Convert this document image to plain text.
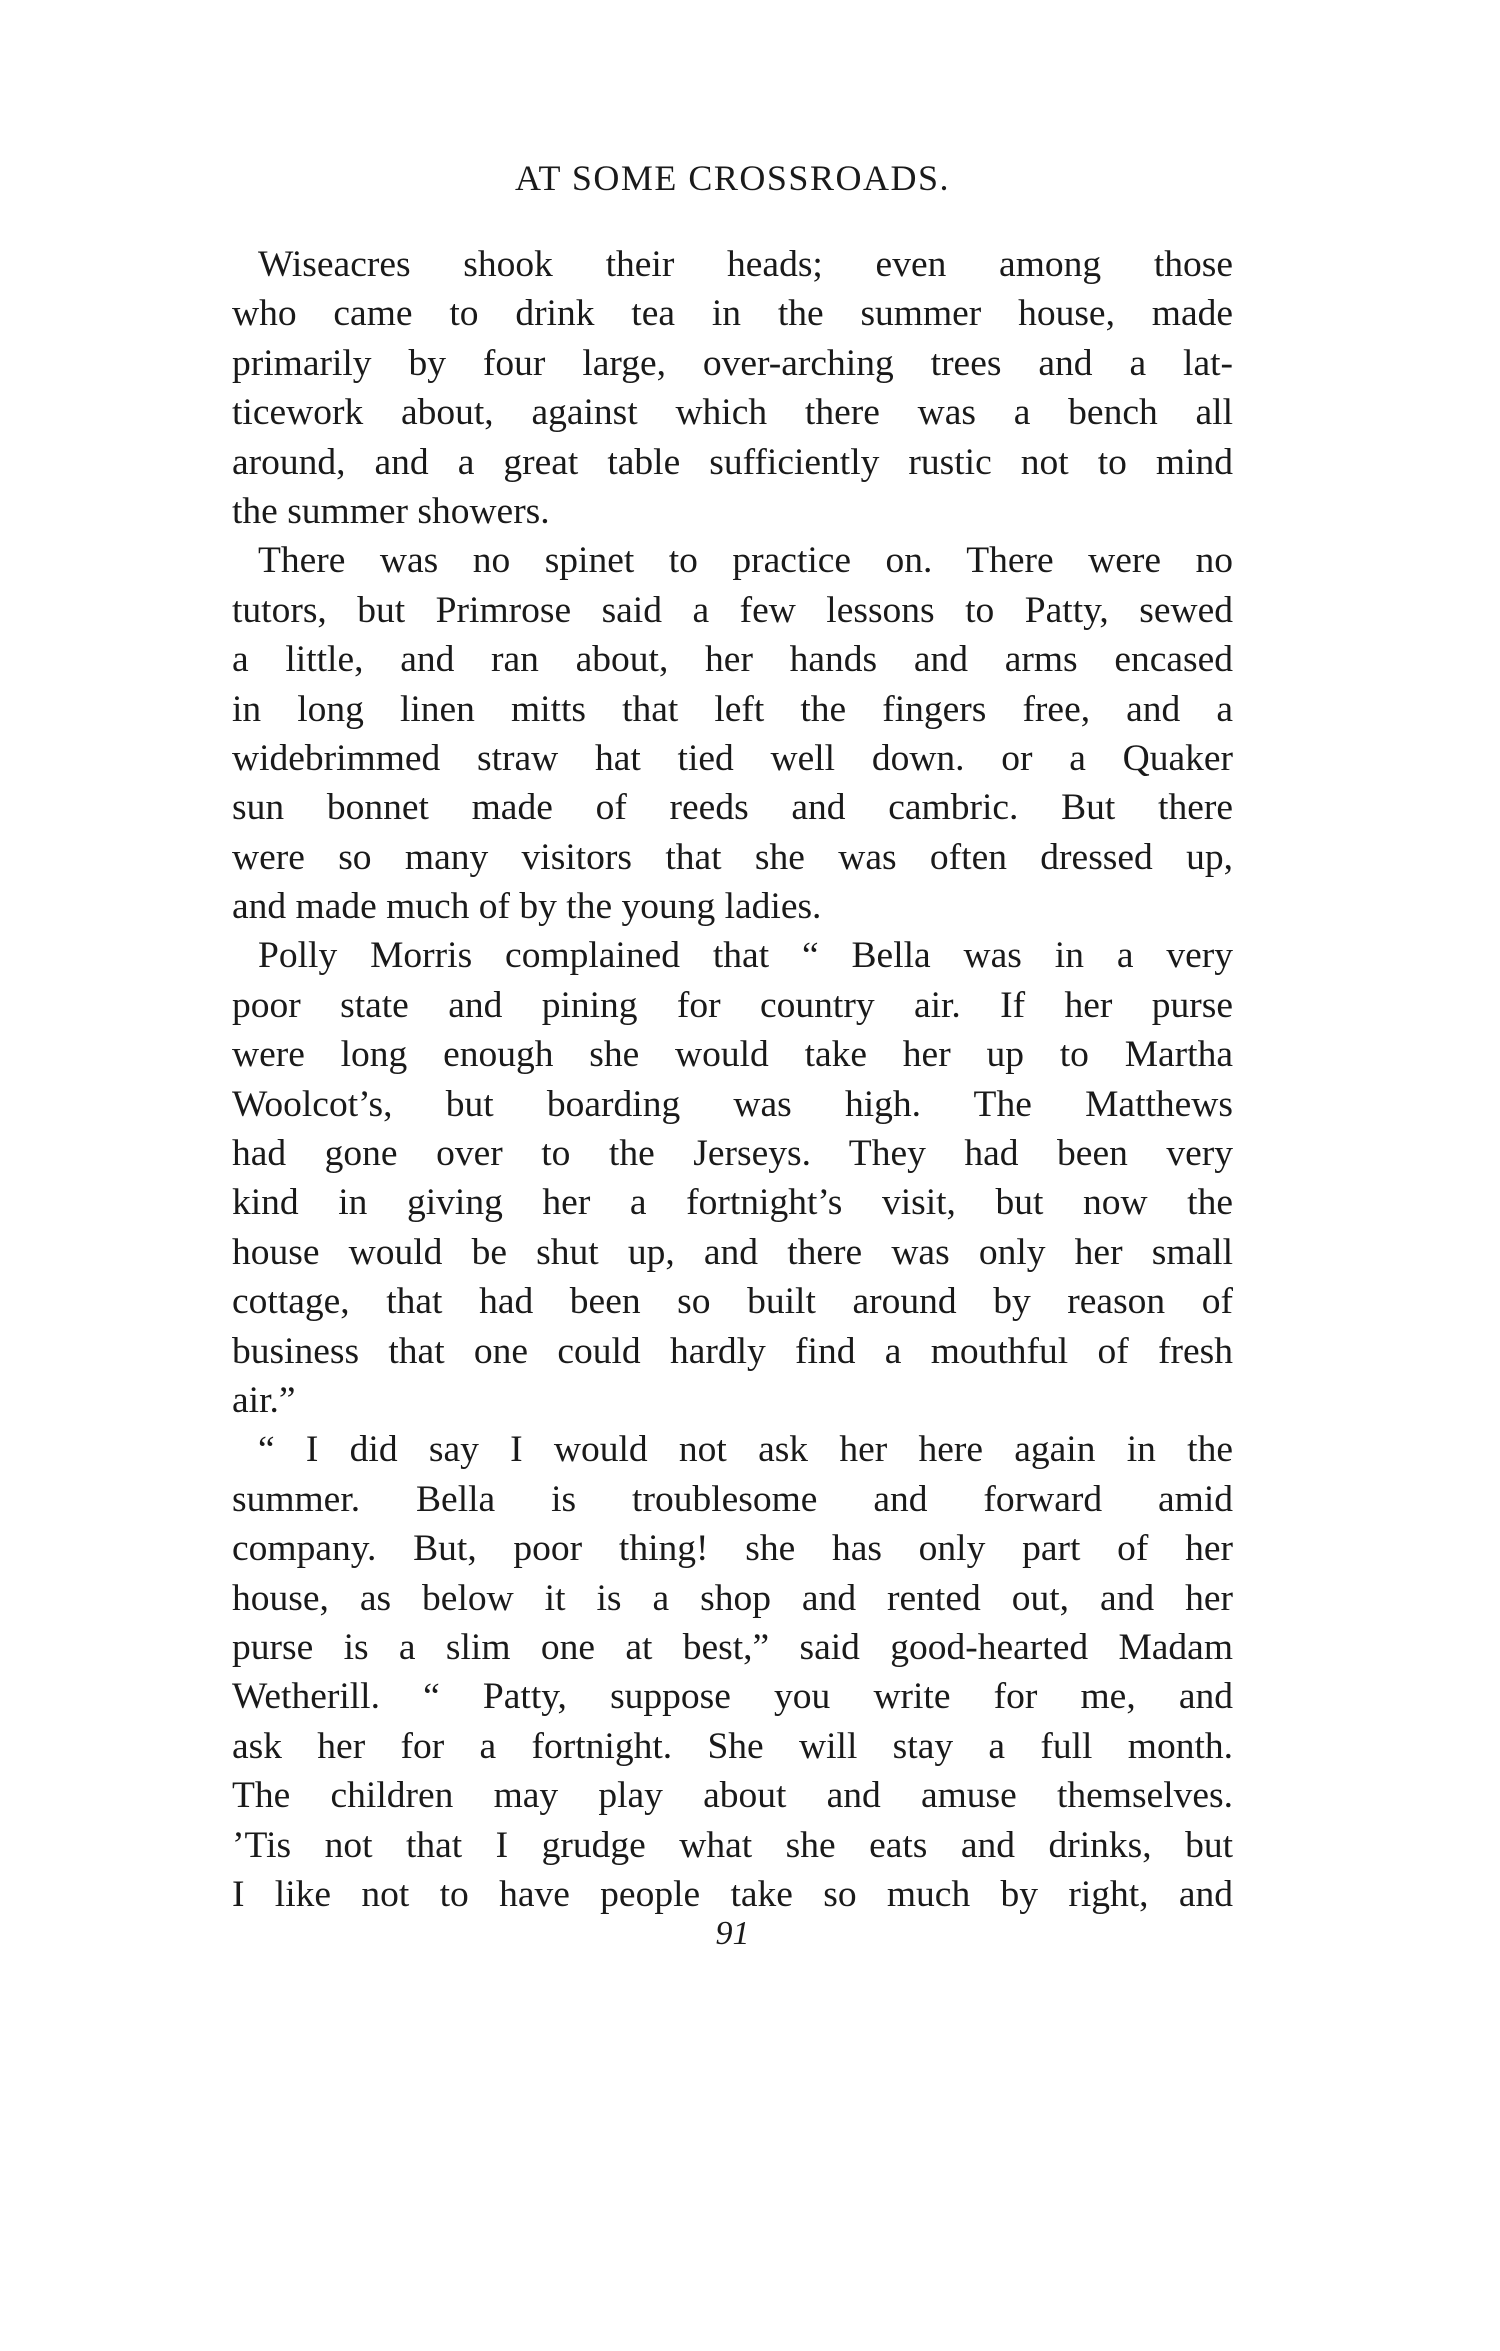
AT SOME CROSSROADS.
Wiseacres shook their heads; even among those
who came to drink tea in the summer house, made
primarily by four large, over-arching trees and a lat-
ticework about, against which there was a bench all
around, and a great table sufficiently rustic not to mind
the summer showers.
There was no spinet to practice on. There were no
tutors, but Primrose said a few lessons to Patty, sewed
a little, and ran about, her hands and arms encased
in long linen mitts that left the fingers free, and a
widebrimmed straw hat tied well down. or a Quaker
sun bonnet made of reeds and cambric. But there
were so many visitors that she was often dressed up,
and made much of by the young ladies.
Polly Morris complained that “ Bella was in a very
poor state and pining for country air. If her purse
were long enough she would take her up to Martha
Woolcot’s, but boarding was high. The Matthews
had gone over to the Jerseys. They had been very
kind in giving her a fortnight’s visit, but now the
house would be shut up, and there was only her small
cottage, that had been so built around by reason of
business that one could hardly find a mouthful of fresh
air.”
“ I did say I would not ask her here again in the
summer. Bella is troublesome and forward amid
company. But, poor thing! she has only part of her
house, as below it is a shop and rented out, and her
purse is a slim one at best,” said good-hearted Madam
Wetherill. “ Patty, suppose you write for me, and
ask her for a fortnight. She will stay a full month.
The children may play about and amuse themselves.
’Tis not that I grudge what she eats and drinks, but
I like not to have people take so much by right, and
91
